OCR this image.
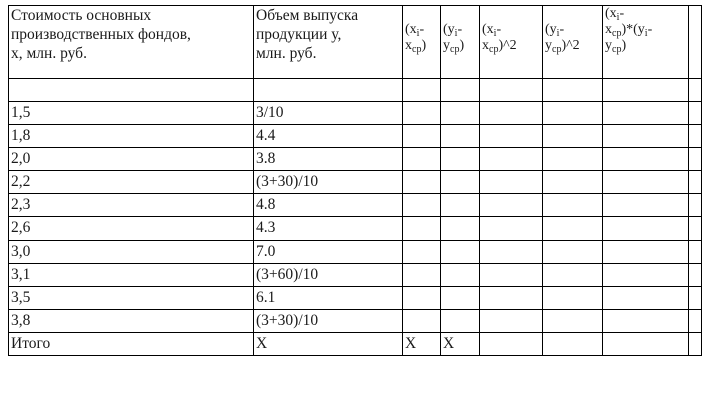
Стоимость основных
производственных фондов,
х, млн. руб.	Объем выпуска
продукции у,
млн. руб.	($x_i-$
$x_{ср}$)	($y_i-$
$y_{ср}$)	($x_i-$
$x_{ср})\^{}2$	($y_i-$
$y_{ср})\^{}2$	($x_i-$
$x_{ср})*(y_i-$
$y_{ср}$)	

1,5	3/10						
1,8	4.4						
2,0	3.8						
2,2	(3+30)/10						
2,3	4.8						
2,6	4.3						
3,0	7.0						
3,1	(3+60)/10						
3,5	6.1						
3,8	(3+30)/10						
Итого	X	X	X				
